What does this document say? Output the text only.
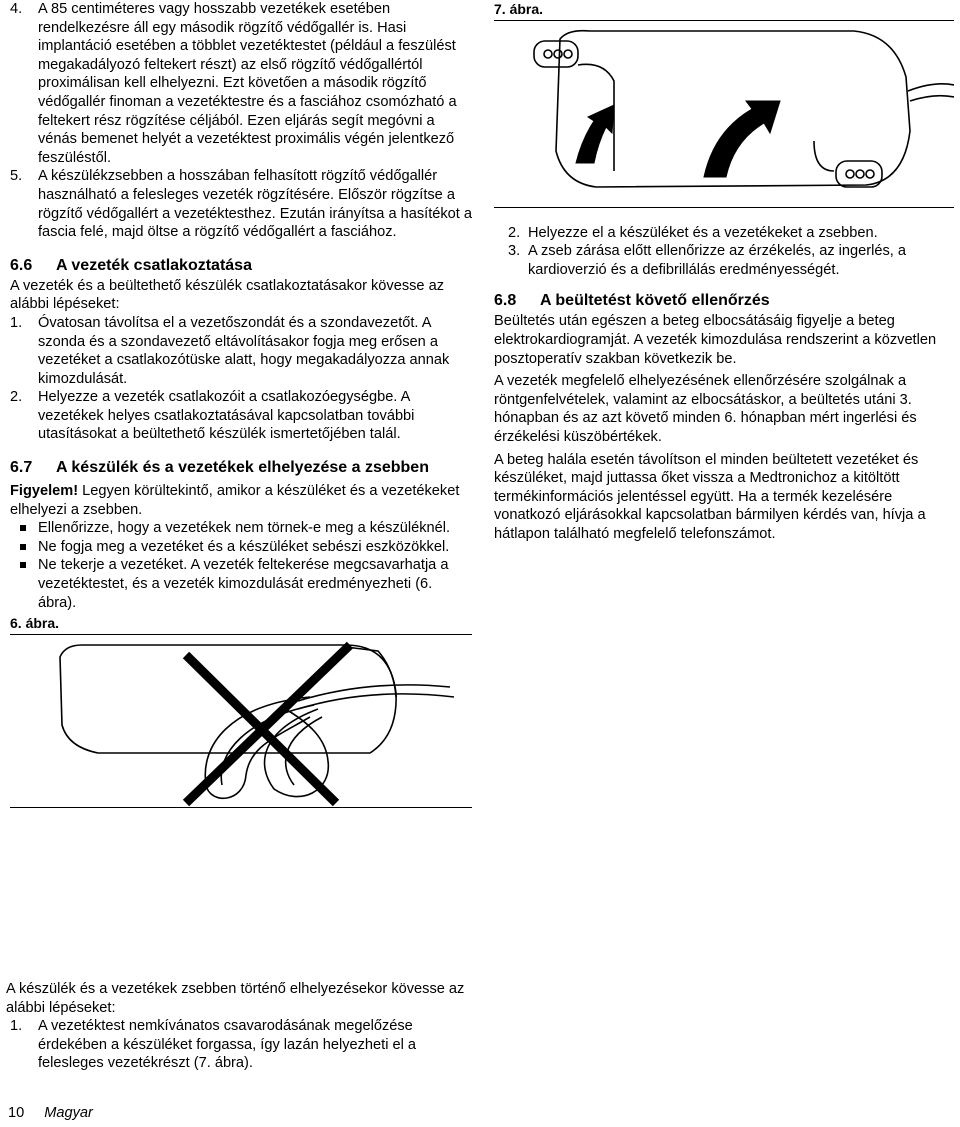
4. A 85 centiméteres vagy hosszabb vezetékek esetében rendelkezésre áll egy második rögzítő védőgallér is. Hasi implantáció esetében a többlet vezetéktestet (például a feszülést megakadályozó feltekert részt) az első rögzítő védőgallértól proximálisan kell elhelyezni. Ezt követően a második rögzítő védőgallér finoman a vezetéktestre és a fasciához csomózható a feltekert rész rögzítése céljából. Ezen eljárás segít megóvni a vénás bemenet helyét a vezetéktest proximális végén jelentkező feszüléstől.

5. A készülékzsebben a hosszában felhasított rögzítő védőgallér használható a felesleges vezeték rögzítésére. Először rögzítse a rögzítő védőgallért a vezetéktesthez. Ezután irányítsa a hasítékot a fascia felé, majd öltse a rögzítő védőgallért a fasciához.

6.6	A vezeték csatlakoztatása

A vezeték és a beültethető készülék csatlakoztatásakor kövesse az alábbi lépéseket:

1. Óvatosan távolítsa el a vezetőszondát és a szondavezetőt. A szonda és a szondavezető eltávolításakor fogja meg erősen a vezetéket a csatlakozótüske alatt, hogy megakadályozza annak kimozdulását.

2. Helyezze a vezeték csatlakozóit a csatlakozóegységbe. A vezetékek helyes csatlakoztatásával kapcsolatban további utasításokat a beültethető készülék ismertetőjében talál.

6.7	A készülék és a vezetékek elhelyezése a zsebben

Figyelem! Legyen körültekintő, amikor a készüléket és a vezetékeket elhelyezi a zsebben.

Ellenőrizze, hogy a vezetékek nem törnek-e meg a készüléknél.

Ne fogja meg a vezetéket és a készüléket sebészi eszközökkel.

Ne tekerje a vezetéket. A vezeték feltekerése megcsavarhatja a vezetéktestet, és a vezeték kimozdulását eredményezheti (6. ábra).

6. ábra.

A készülék és a vezetékek zsebben történő elhelyezésekor kövesse az alábbi lépéseket:

1. A vezetéktest nemkívánatos csavarodásának megelőzése érdekében a készüléket forgassa, így lazán helyezheti el a felesleges vezetékrészt (7. ábra).

7. ábra.
2. Helyezze el a készüléket és a vezetékeket a zsebben.

3. A zseb zárása előtt ellenőrizze az érzékelés, az ingerlés, a kardioverzió és a defibrillálás eredményességét.

6.8	A beültetést követő ellenőrzés

Beültetés után egészen a beteg elbocsátásáig figyelje a beteg elektrokardiogramját. A vezeték kimozdulása rendszerint a közvetlen posztoperatív szakban következik be.

A vezeték megfelelő elhelyezésének ellenőrzésére szolgálnak a röntgenfelvételek, valamint az elbocsátáskor, a beültetés utáni 3. hónapban és az azt követő minden 6. hónapban mért ingerlési és érzékelési küszöbértékek.

A beteg halála esetén távolítson el minden beültetett vezetéket és készüléket, majd juttassa őket vissza a Medtronichoz a kitöltött termékinformációs jelentéssel együtt. Ha a termék kezelésére vonatkozó eljárásokkal kapcsolatban bármilyen kérdés van, hívja a hátlapon található megfelelő telefonszámot.

10 Magyar
